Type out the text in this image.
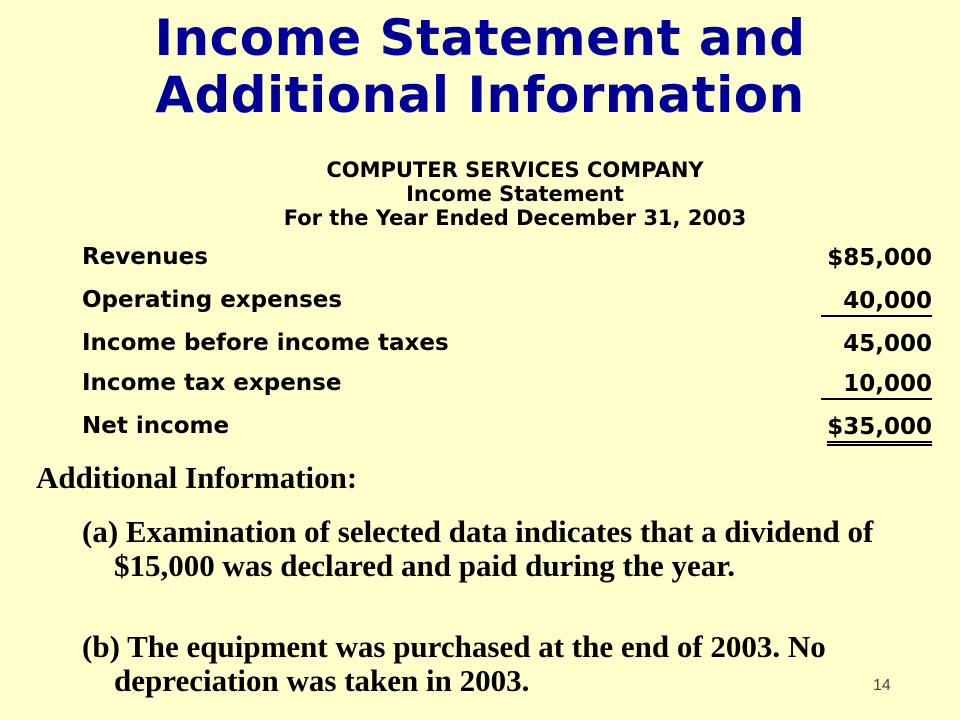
Income Statement and
Additional Information
COMPUTER SERVICES COMPANY
Income Statement
For the Year Ended December 31, 2003
Revenues	$85,000
Operating expenses	40,000
Income before income taxes	45,000
Income tax expense	10,000
Net income	$35,000
Additional Information:
(a) Examination of selected data indicates that a dividend of $15,000 was declared and paid during the year.
(b) The equipment was purchased at the end of 2003. No depreciation was taken in 2003.	14
